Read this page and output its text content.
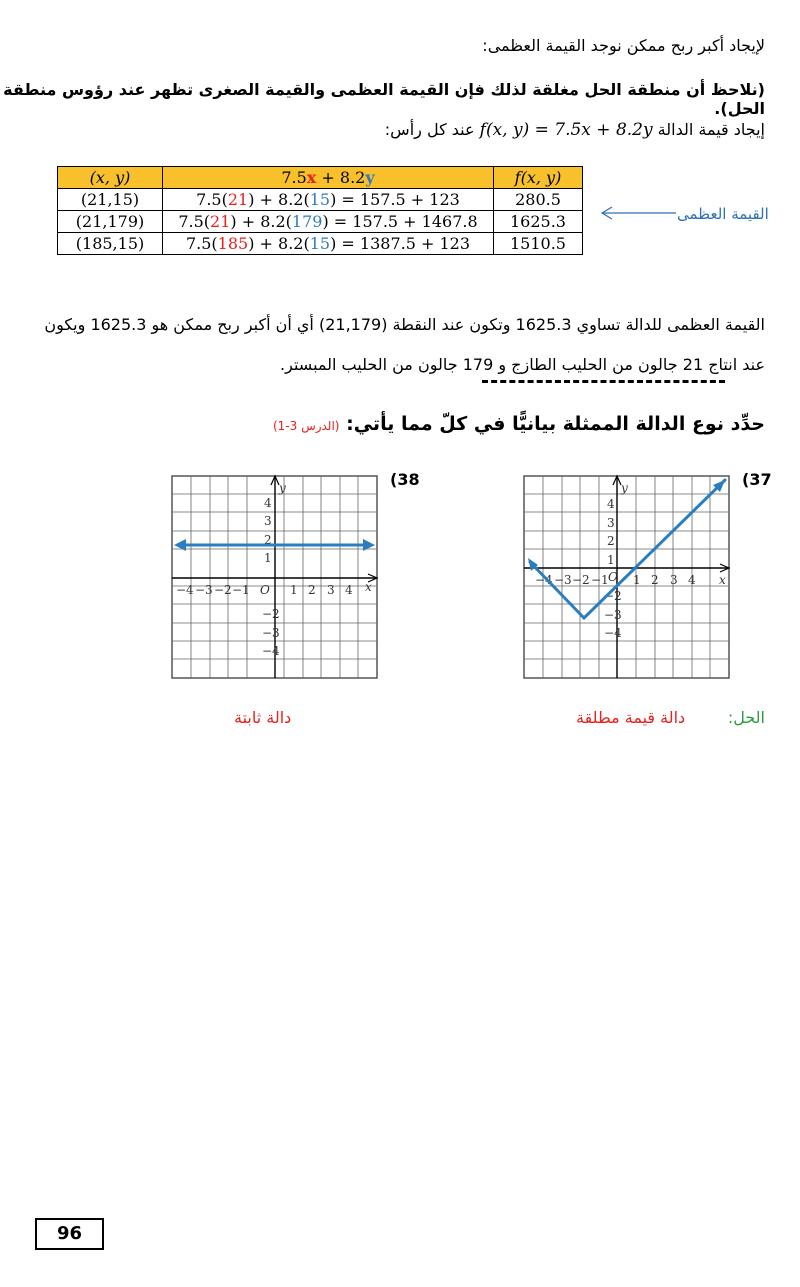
لإيجاد أكبر ربح ممكن نوجد القيمة العظمى:
(نلاحظ أن منطقة الحل مغلقة لذلك فإن القيمة العظمى والقيمة الصغرى تظهر عند رؤوس منطقة الحل).
إيجاد قيمة الدالة f(x, y) = 7.5x + 8.2y عند كل رأس:
(x, y)	7.5x + 8.2y	f(x, y)
(21,15)	7.5(21) + 8.2(15) = 157.5 + 123	280.5
(21,179)	7.5(21) + 8.2(179) = 157.5 + 1467.8	1625.3
(185,15)	7.5(185) + 8.2(15) = 1387.5 + 123	1510.5
القيمة العظمى
القيمة العظمى للدالة تساوي 1625.3 وتكون عند النقطة (21,179) أي أن أكبر ربح ممكن هو 1625.3 ويكون
عند انتاج 21 جالون من الحليب الطازج و 179 جالون من الحليب المبستر.
حدِّد نوع الدالة الممثلة بيانيًّا في كلّ مما يأتي: (الدرس 3-1)
(37
(38
−4 −3 −2 −1 1 2 3 4 x
1
2
3
4
y
−2
−3
−4
O
−4 −3 −2 −1 O 1 2 3 4 x
1
2
3
4
y
−2
−3
−4
الحل:
دالة قيمة مطلقة
دالة ثابتة
96
